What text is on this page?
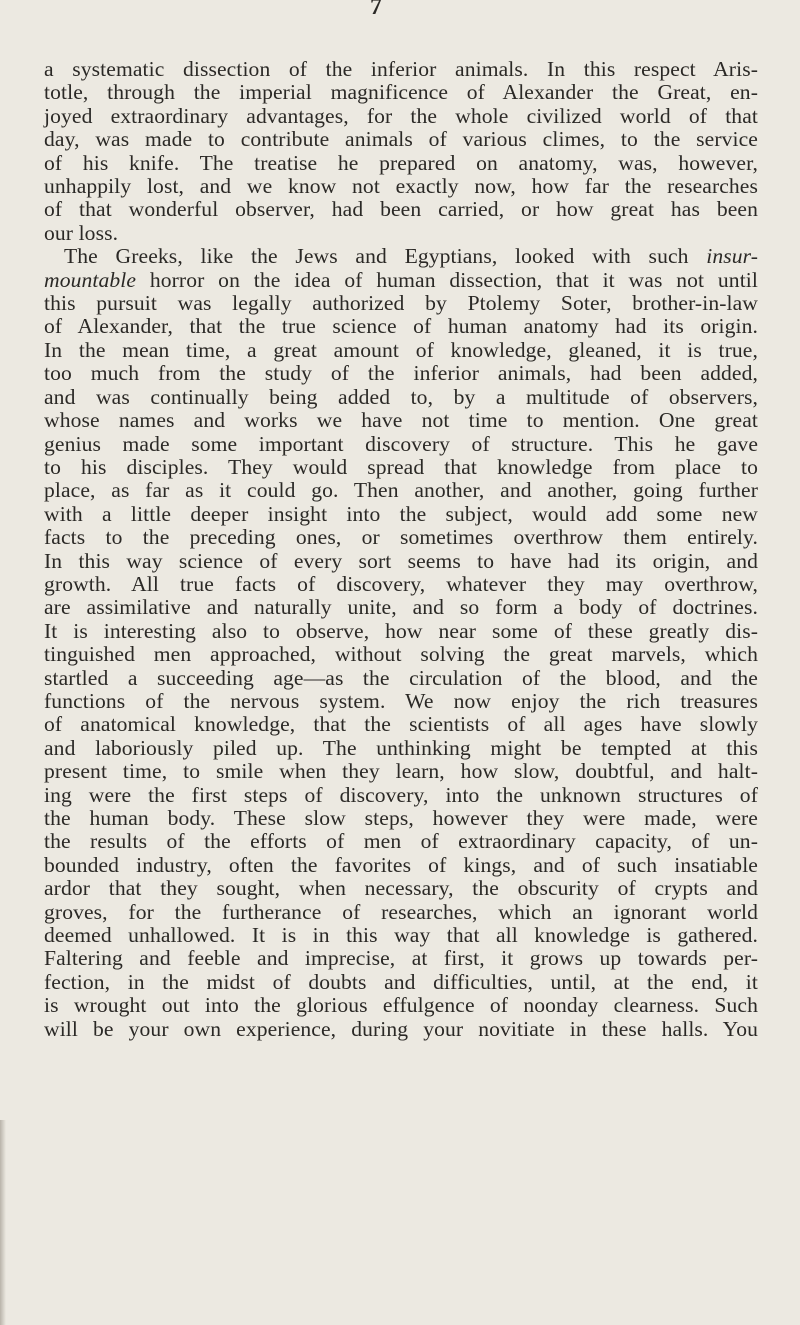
7

a systematic dissection of the inferior animals. In this respect Aris-
totle, through the imperial magnificence of Alexander the Great, en-
joyed extraordinary advantages, for the whole civilized world of that
day, was made to contribute animals of various climes, to the service
of his knife. The treatise he prepared on anatomy, was, however,
unhappily lost, and we know not exactly now, how far the researches
of that wonderful observer, had been carried, or how great has been
our loss.

The Greeks, like the Jews and Egyptians, looked with such insur-
mountable horror on the idea of human dissection, that it was not until
this pursuit was legally authorized by Ptolemy Soter, brother-in-law
of Alexander, that the true science of human anatomy had its origin.
In the mean time, a great amount of knowledge, gleaned, it is true,
too much from the study of the inferior animals, had been added,
and was continually being added to, by a multitude of observers,
whose names and works we have not time to mention. One great
genius made some important discovery of structure. This he gave
to his disciples. They would spread that knowledge from place to
place, as far as it could go. Then another, and another, going further
with a little deeper insight into the subject, would add some new
facts to the preceding ones, or sometimes overthrow them entirely.
In this way science of every sort seems to have had its origin, and
growth. All true facts of discovery, whatever they may overthrow,
are assimilative and naturally unite, and so form a body of doctrines.
It is interesting also to observe, how near some of these greatly dis-
tinguished men approached, without solving the great marvels, which
startled a succeeding age—as the circulation of the blood, and the
functions of the nervous system. We now enjoy the rich treasures
of anatomical knowledge, that the scientists of all ages have slowly
and laboriously piled up. The unthinking might be tempted at this
present time, to smile when they learn, how slow, doubtful, and halt-
ing were the first steps of discovery, into the unknown structures of
the human body. These slow steps, however they were made, were
the results of the efforts of men of extraordinary capacity, of un-
bounded industry, often the favorites of kings, and of such insatiable
ardor that they sought, when necessary, the obscurity of crypts and
groves, for the furtherance of researches, which an ignorant world
deemed unhallowed. It is in this way that all knowledge is gathered.
Faltering and feeble and imprecise, at first, it grows up towards per-
fection, in the midst of doubts and difficulties, until, at the end, it
is wrought out into the glorious effulgence of noonday clearness. Such
will be your own experience, during your novitiate in these halls. You
